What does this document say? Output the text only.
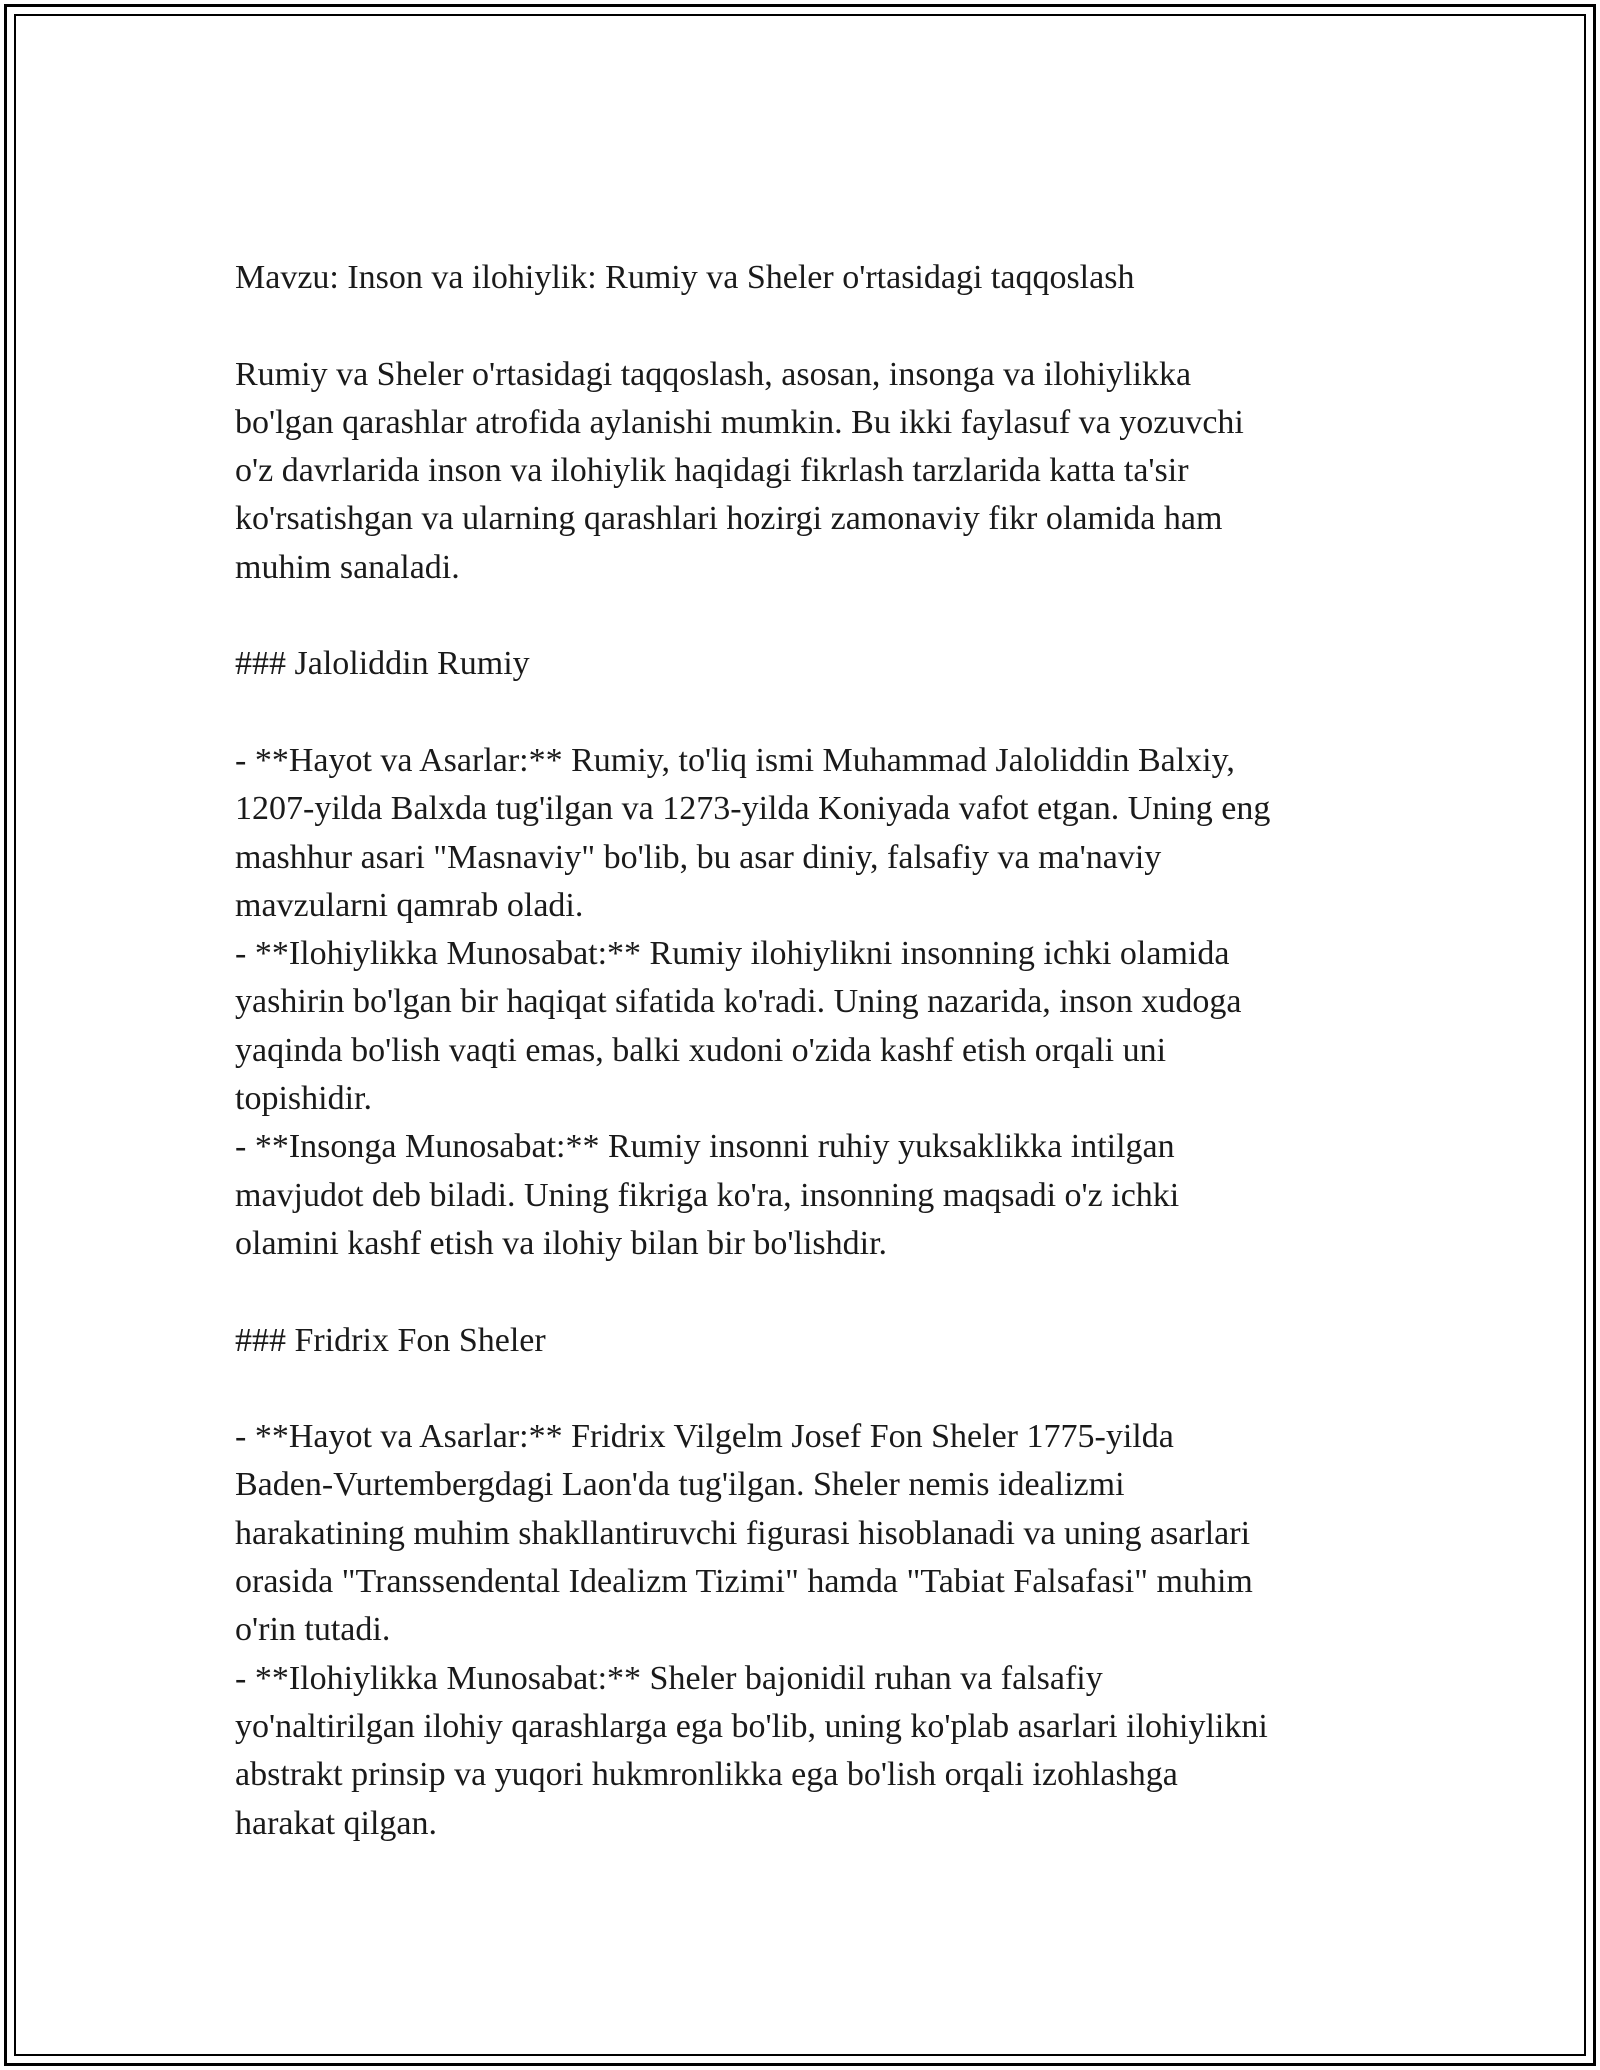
Mavzu: Inson va ilohiylik: Rumiy va Sheler o'rtasidagi taqqoslash

Rumiy va Sheler o'rtasidagi taqqoslash, asosan, insonga va ilohiylikka

bo'lgan qarashlar atrofida aylanishi mumkin. Bu ikki faylasuf va yozuvchi

o'z davrlarida inson va ilohiylik haqidagi fikrlash tarzlarida katta ta'sir

ko'rsatishgan va ularning qarashlari hozirgi zamonaviy fikr olamida ham

muhim sanaladi.

### Jaloliddin Rumiy

- **Hayot va Asarlar:** Rumiy, to'liq ismi Muhammad Jaloliddin Balxiy,

1207-yilda Balxda tug'ilgan va 1273-yilda Koniyada vafot etgan. Uning eng

mashhur asari "Masnaviy" bo'lib, bu asar diniy, falsafiy va ma'naviy

mavzularni qamrab oladi.

- **Ilohiylikka Munosabat:** Rumiy ilohiylikni insonning ichki olamida

yashirin bo'lgan bir haqiqat sifatida ko'radi. Uning nazarida, inson xudoga

yaqinda bo'lish vaqti emas, balki xudoni o'zida kashf etish orqali uni

topishidir.

- **Insonga Munosabat:** Rumiy insonni ruhiy yuksaklikka intilgan

mavjudot deb biladi. Uning fikriga ko'ra, insonning maqsadi o'z ichki

olamini kashf etish va ilohiy bilan bir bo'lishdir.

### Fridrix Fon Sheler

- **Hayot va Asarlar:** Fridrix Vilgelm Josef Fon Sheler 1775-yilda

Baden-Vurtembergdagi Laon'da tug'ilgan. Sheler nemis idealizmi

harakatining muhim shakllantiruvchi figurasi hisoblanadi va uning asarlari

orasida "Transsendental Idealizm Tizimi" hamda "Tabiat Falsafasi" muhim

o'rin tutadi.

- **Ilohiylikka Munosabat:** Sheler bajonidil ruhan va falsafiy

yo'naltirilgan ilohiy qarashlarga ega bo'lib, uning ko'plab asarlari ilohiylikni

abstrakt prinsip va yuqori hukmronlikka ega bo'lish orqali izohlashga

harakat qilgan.
